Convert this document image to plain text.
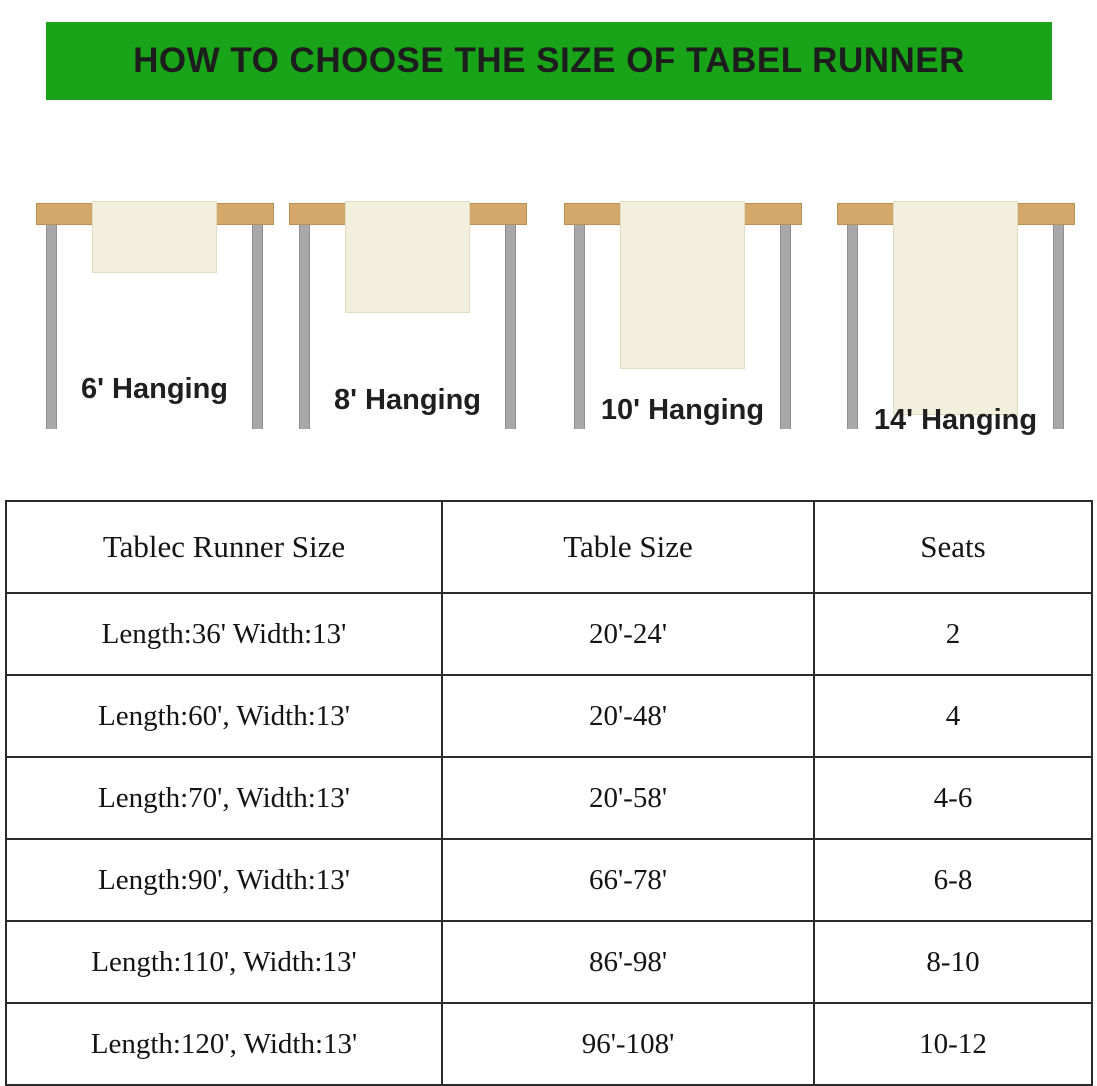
HOW TO CHOOSE THE SIZE OF TABEL RUNNER
6' Hanging	8' Hanging	10' Hanging	14' Hanging
Tablec Runner Size	Table Size	Seats
Length:36' Width:13'	20'-24'	2
Length:60', Width:13'	20'-48'	4
Length:70', Width:13'	20'-58'	4-6
Length:90', Width:13'	66'-78'	6-8
Length:110', Width:13'	86'-98'	8-10
Length:120', Width:13'	96'-108'	10-12
